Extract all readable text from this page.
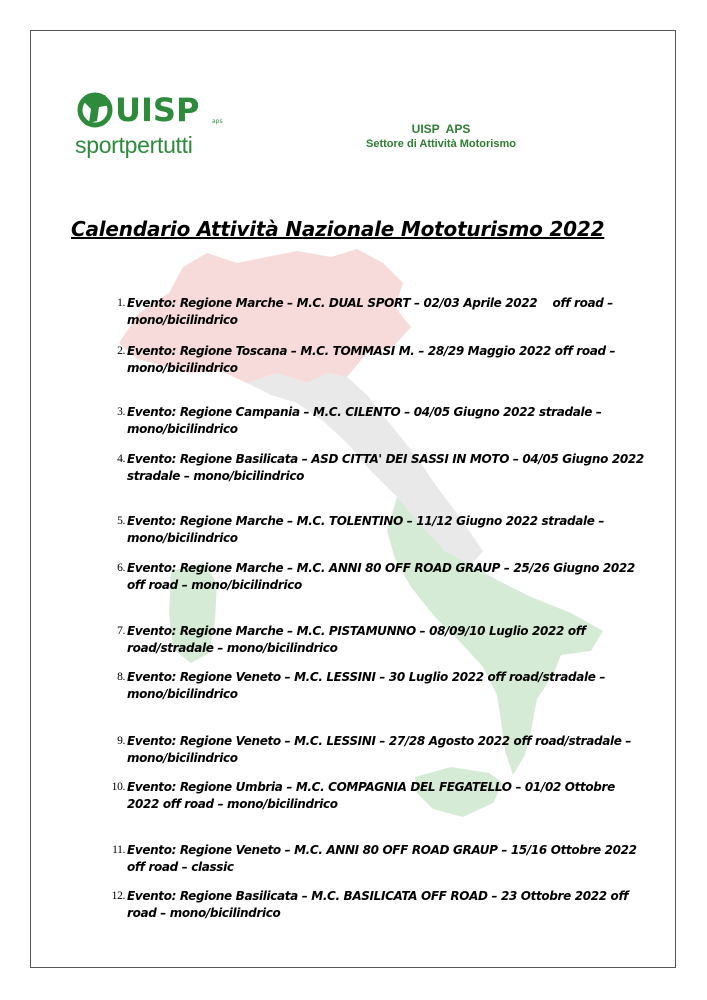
UISP aps
sportpertutti
UISP  APS
Settore di Attività Motorismo
Calendario Attività Nazionale Mototurismo 2022
1. Evento: Regione Marche – M.C. DUAL SPORT – 02/03 Aprile 2022    off road – mono/bicilindrico
2. Evento: Regione Toscana – M.C. TOMMASI M. – 28/29 Maggio 2022 off road – mono/bicilindrico
3. Evento: Regione Campania – M.C. CILENTO – 04/05 Giugno 2022 stradale – mono/bicilindrico
4. Evento: Regione Basilicata – ASD CITTA' DEI SASSI IN MOTO – 04/05 Giugno 2022 stradale – mono/bicilindrico
5. Evento: Regione Marche – M.C. TOLENTINO – 11/12 Giugno 2022 stradale – mono/bicilindrico
6. Evento: Regione Marche – M.C. ANNI 80 OFF ROAD GRAUP – 25/26 Giugno 2022 off road – mono/bicilindrico
7. Evento: Regione Marche – M.C. PISTAMUNNO – 08/09/10 Luglio 2022 off road/stradale – mono/bicilindrico
8. Evento: Regione Veneto – M.C. LESSINI – 30 Luglio 2022 off road/stradale – mono/bicilindrico
9. Evento: Regione Veneto – M.C. LESSINI – 27/28 Agosto 2022 off road/stradale – mono/bicilindrico
10. Evento: Regione Umbria – M.C. COMPAGNIA DEL FEGATELLO – 01/02 Ottobre 2022 off road – mono/bicilindrico
11. Evento: Regione Veneto – M.C. ANNI 80 OFF ROAD GRAUP – 15/16 Ottobre 2022 off road – classic
12. Evento: Regione Basilicata – M.C. BASILICATA OFF ROAD – 23 Ottobre 2022 off road – mono/bicilindrico
